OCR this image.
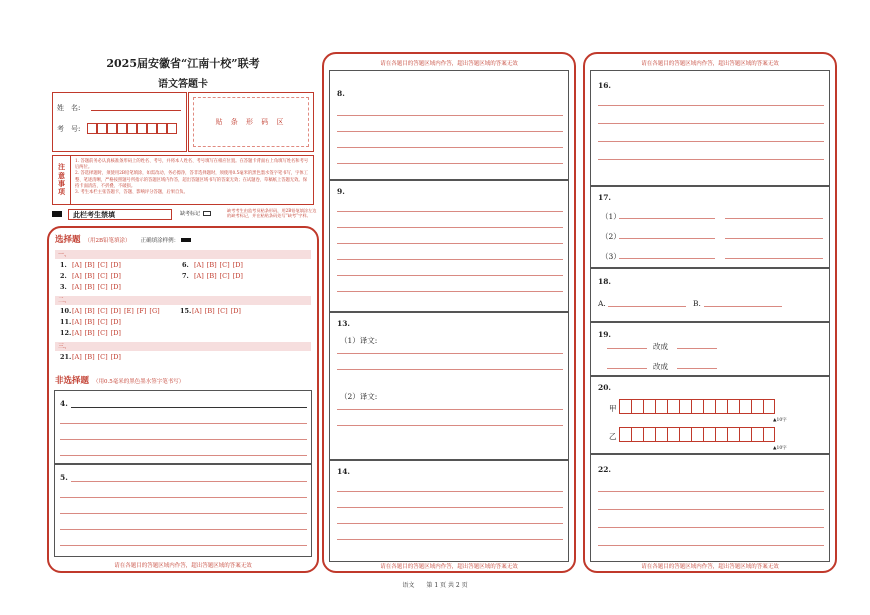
2025届安徽省“江南十校”联考
语文答题卡
姓　名:
考　号:
贴 条 形 码 区
注
意
事
项
1. 答题前务必认真核准条形码上的姓名、考号，并将本人姓名、考号填写在相应位置。在答题卡背面右上角填写姓名和考号后两位。
2. 答选择题时，须使用2B铅笔填涂，如需改动，务必擦净，答非选择题时，须使用0.5毫米的黑色墨水签字笔书写，字体工整、笔迹清晰，严格按照题号所指示的答题区域内作答，超出答题区域书写的答案无效；在试题卷、草稿纸上答题无效。保持卡面清洁，不折叠、不破损。
3. 考生本栏主张答题卡，答题、影响评分答题，后果自负。
此栏考生禁填	缺考标记
缺考考生由监考员粘条形码，用2B铅笔填涂左边的缺考标记，并在粘贴条码处写“缺考”字样。
选择题 （用2B铅笔填涂） 正确填涂样例：
一、
1. [A] [B] [C] [D]
2. [A] [B] [C] [D]
3. [A] [B] [C] [D]
6. [A] [B] [C] [D]
7. [A] [B] [C] [D]
二、
10.[A] [B] [C] [D] [E] [F] [G]
11.[A] [B] [C] [D]
12.[A] [B] [C] [D]
15.[A] [B] [C] [D]
三、
21.[A] [B] [C] [D]
非选择题 （用0.5毫米的黑色墨水签字笔书写）
4.
5.
请在各题目的答题区域内作答，超出答题区域的答案无效
请在各题目的答题区域内作答，超出答题区域的答案无效
8.
9.
13.
（1）译文:
（2）译文:
14.
请在各题目的答题区域内作答，超出答题区域的答案无效
请在各题目的答题区域内作答，超出答题区域的答案无效
16.
17.
（1）
（2）
（3）
18.
A.	B.
19.
改成
改成
20.
甲
▲10字
乙
▲10字
22.
请在各题目的答题区域内作答，超出答题区域的答案无效
语文　　第 1 页 共 2 页
